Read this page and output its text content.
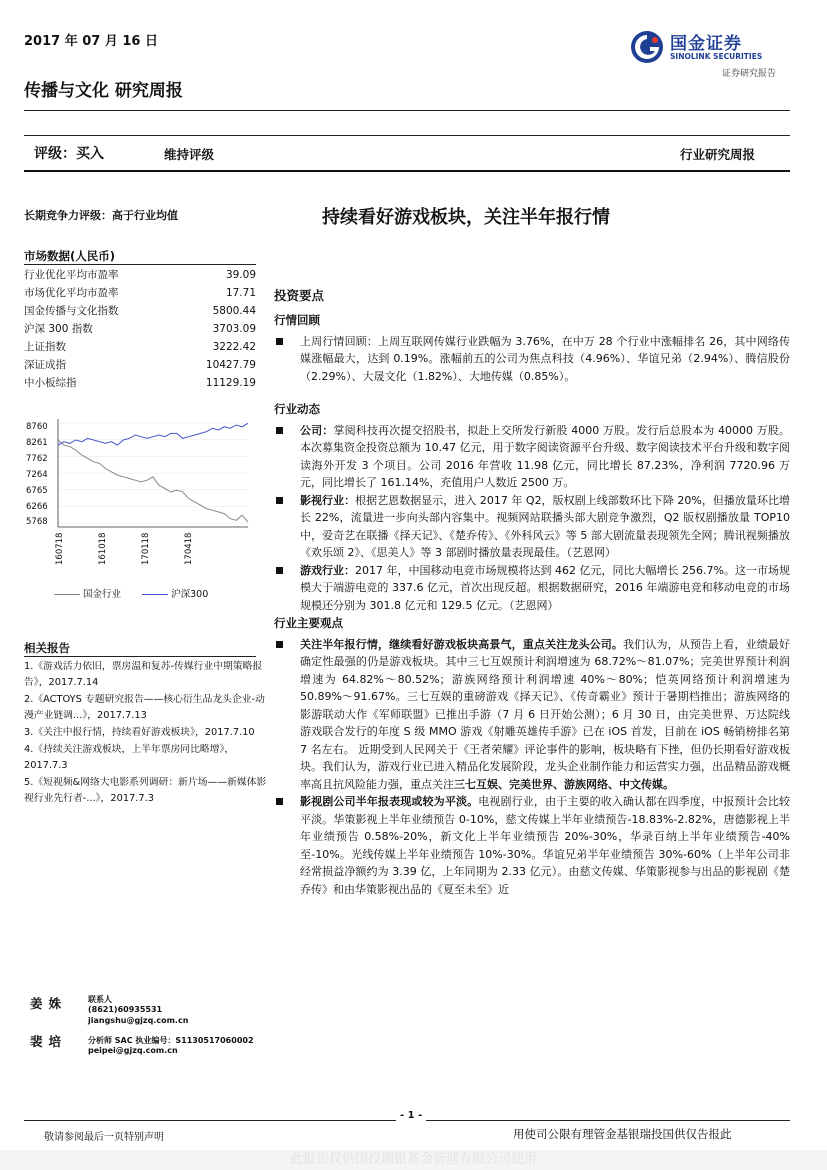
2017 年 07 月 16 日
传播与文化 研究周报
国金证券
SINOLINK SECURITIES
证券研究报告
评级：买入	维持评级	行业研究周报
长期竞争力评级：高于行业均值
市场数据(人民币)
行业优化平均市盈率	39.09
市场优化平均市盈率	17.71
国金传播与文化指数	5800.44
沪深 300 指数	3703.09
上证指数	3222.42
深证成指	10427.79
中小板综指	11129.19
8760
8261
7762
7264
6765
6266
5768
160718	161018	170118	170418
国金行业	沪深300
相关报告
1.《游戏活力依旧，票房温和复苏-传媒行业中期策略报告》，2017.7.14
2.《ACTOYS 专题研究报告——核心衍生品龙头企业-动漫产业链调...》，2017.7.13
3.《关注中报行情，持续看好游戏板块》，2017.7.10
4.《持续关注游戏板块，上半年票房同比略增》，2017.7.3
5.《短视频&网络大电影系列调研：新片场——新媒体影视行业先行者-...》，2017.7.3
姜姝	联系人
(8621)60935531
jiangshu@gjzq.com.cn
裴培	分析师 SAC 执业编号：S1130517060002
peipei@gjzq.com.cn
持续看好游戏板块，关注半年报行情
投资要点
行情回顾
上周行情回顾：上周互联网传媒行业跌幅为 3.76%，在中万 28 个行业中涨幅排名 26，其中网络传媒涨幅最大，达到 0.19%。涨幅前五的公司为焦点科技（4.96%）、华谊兄弟（2.94%）、腾信股份（2.29%）、大晟文化（1.82%）、大地传媒（0.85%）。
行业动态
公司：掌阅科技再次提交招股书，拟赴上交所发行新股 4000 万股。发行后总股本为 40000 万股。本次募集资金投资总额为 10.47 亿元，用于数字阅读资源平台升级、数字阅读技术平台升级和数字阅读海外开发 3 个项目。公司 2016 年营收 11.98 亿元，同比增长 87.23%，净利润 7720.96 万元，同比增长了 161.14%，充值用户人数近 2500 万。
影视行业：根据艺恩数据显示，进入 2017 年 Q2，版权剧上线部数环比下降 20%，但播放量环比增长 22%，流量进一步向头部内容集中。视频网站联播头部大剧竞争激烈，Q2 版权剧播放量 TOP10 中，爱奇艺在联播《择天记》、《楚乔传》、《外科风云》等 5 部大剧流量表现领先全网；腾讯视频播放《欢乐颂 2》、《思美人》等 3 部剧时播放量表现最佳。（艺恩网）
游戏行业：2017 年，中国移动电竞市场规模将达到 462 亿元，同比大幅增长 256.7%。这一市场规模大于端游电竞的 337.6 亿元，首次出现反超。根据数据研究，2016 年端游电竞和移动电竞的市场规模还分别为 301.8 亿元和 129.5 亿元。（艺恩网）
行业主要观点
关注半年报行情，继续看好游戏板块高景气，重点关注龙头公司。我们认为，从预告上看，业绩最好确定性最强的仍是游戏板块。其中三七互娱预计利润增速为 68.72%～81.07%；完美世界预计利润增速为 64.82%～80.52%；游族网络预计利润增速 40%～80%；恺英网络预计利润增速为 50.89%～91.67%。三七互娱的重磅游戏《择天记》、《传奇霸业》预计于暑期档推出；游族网络的影游联动大作《军师联盟》已推出手游（7 月 6 日开始公测）；6 月 30 日，由完美世界、万达院线游戏联合发行的年度 S 级 MMO 游戏《射雕英雄传手游》已在 iOS 首发，目前在 iOS 畅销榜排名第 7 名左右。 近期受到人民网关于《王者荣耀》评论事件的影响，板块略有下挫，但仍长期看好游戏板块。我们认为，游戏行业已进入精品化发展阶段，龙头企业制作能力和运营实力强，出品精品游戏概率高且抗风险能力强，重点关注三七互娱、完美世界、游族网络、中文传媒。
影视剧公司半年报表现或较为平淡。电视剧行业，由于主要的收入确认都在四季度，中报预计会比较平淡。华策影视上半年业绩预告 0-10%，慈文传媒上半年业绩预告-18.83%-2.82%，唐德影视上半年业绩预告 0.58%-20%，新文化上半年业绩预告 20%-30%，华录百纳上半年业绩预告-40%至-10%。光线传媒上半年业绩预告 10%-30%。华谊兄弟半年业绩预告 30%-60%（上半年公司非经常损益净额约为 3.39 亿，上年同期为 2.33 亿元）。由慈文传媒、华策影视参与出品的影视剧《楚乔传》和由华策影视出品的《夏至未至》近
- 1 -
敬请参阅最后一页特别声明	用使司公限有理管金基银瑞投国供仅告报此
此报告仅供国投瑞银基金管理有限公司使用
